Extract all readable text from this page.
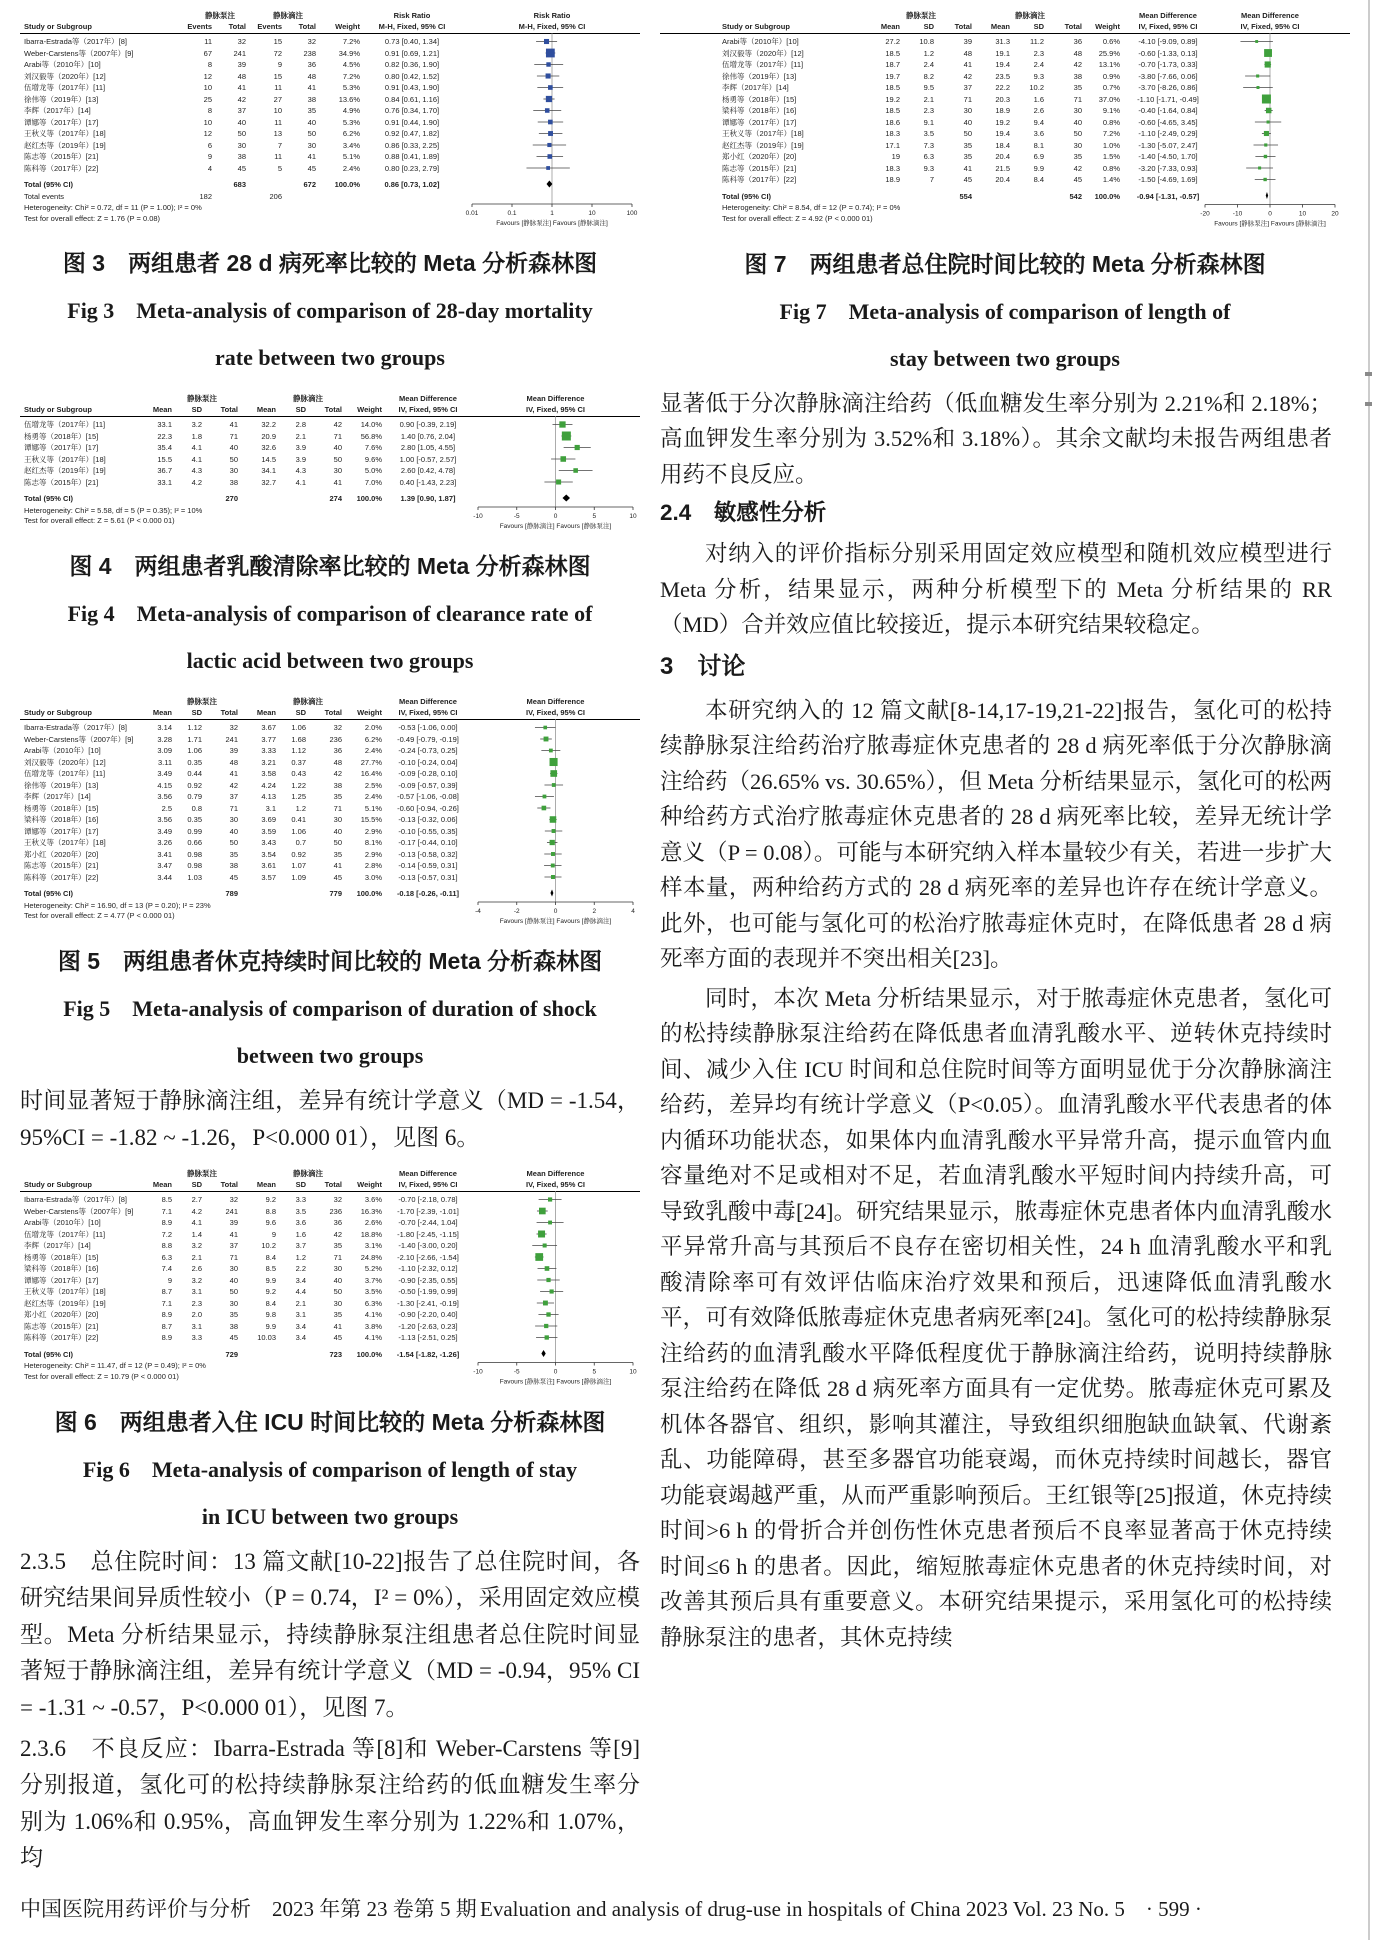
静脉泵注	静脉滴注	Risk Ratio
M-H, Fixed, 95% CI
Risk Ratio
M-H, Fixed, 95% CI
Study or Subgroup	Events	Total	Events	Total	Weight
Ibarra-Estrada等（2017年）[8]	11	32	15	32	7.2%	0.73 [0.40, 1.34]
Weber-Carstens等（2007年）[9]	67	241	72	238	34.9%	0.91 [0.69, 1.21]
Arabi等（2010年）[10]	8	39	9	36	4.5%	0.82 [0.36, 1.90]
刘汉毅等（2020年）[12]	12	48	15	48	7.2%	0.80 [0.42, 1.52]
伍增龙等（2017年）[11]	10	41	11	41	5.3%	0.91 [0.43, 1.90]
徐伟等（2019年）[13]	25	42	27	38	13.6%	0.84 [0.61, 1.16]
李辉（2017年）[14]	8	37	10	35	4.9%	0.76 [0.34, 1.70]
谭娜等（2017年）[17]	10	40	11	40	5.3%	0.91 [0.44, 1.90]
王秋义等（2017年）[18]	12	50	13	50	6.2%	0.92 [0.47, 1.82]
赵红杰等（2019年）[19]	6	30	7	30	3.4%	0.86 [0.33, 2.25]
陈志等（2015年）[21]	9	38	11	41	5.1%	0.88 [0.41, 1.89]
陈科等（2017年）[22]	4	45	5	45	2.4%	0.80 [0.23, 2.79]
Total (95% CI)	683	672	100.0%	0.86 [0.73, 1.02]
Total events	182	206
Heterogeneity: Chi² = 0.72, df = 11 (P = 1.00); I² = 0%
Test for overall effect: Z = 1.76 (P = 0.08)	0.01	0.1	1	10	100
Favours [静脉泵注] Favours [静脉滴注]
图 3　两组患者 28 d 病死率比较的 Meta 分析森林图
Fig 3　Meta-analysis of comparison of 28-day mortality
rate between two groups
静脉泵注	静脉滴注	Mean Difference
IV, Fixed, 95% CI
Mean Difference
IV, Fixed, 95% CI
Study or Subgroup	Mean	SD	Total	Mean	SD	Total	Weight
伍增龙等（2017年）[11]	33.1	3.2	41	32.2	2.8	42	14.0%	0.90 [-0.39, 2.19]
杨勇等（2018年）[15]	22.3	1.8	71	20.9	2.1	71	56.8%	1.40 [0.76, 2.04]
谭娜等（2017年）[17]	35.4	4.1	40	32.6	3.9	40	7.6%	2.80 [1.05, 4.55]
王秋义等（2017年）[18]	15.5	4.1	50	14.5	3.9	50	9.6%	1.00 [-0.57, 2.57]
赵红杰等（2019年）[19]	36.7	4.3	30	34.1	4.3	30	5.0%	2.60 [0.42, 4.78]
陈志等（2015年）[21]	33.1	4.2	38	32.7	4.1	41	7.0%	0.40 [-1.43, 2.23]
Total (95% CI)	270	274	100.0%	1.39 [0.90, 1.87]
Heterogeneity: Chi² = 5.58, df = 5 (P = 0.35); I² = 10%
Test for overall effect: Z = 5.61 (P < 0.000 01)	-10	-5	0	5	10
Favours [静脉滴注] Favours [静脉泵注]
图 4　两组患者乳酸清除率比较的 Meta 分析森林图
Fig 4　Meta-analysis of comparison of clearance rate of
lactic acid between two groups
静脉泵注	静脉滴注	Mean Difference
IV, Fixed, 95% CI
Mean Difference
IV, Fixed, 95% CI
Study or Subgroup	Mean	SD	Total	Mean	SD	Total	Weight
Ibarra-Estrada等（2017年）[8]	3.14	1.12	32	3.67	1.06	32	2.0%	-0.53 [-1.06, 0.00]
Weber-Carstens等（2007年）[9]	3.28	1.71	241	3.77	1.68	236	6.2%	-0.49 [-0.79, -0.19]
Arabi等（2010年）[10]	3.09	1.06	39	3.33	1.12	36	2.4%	-0.24 [-0.73, 0.25]
刘汉毅等（2020年）[12]	3.11	0.35	48	3.21	0.37	48	27.7%	-0.10 [-0.24, 0.04]
伍增龙等（2017年）[11]	3.49	0.44	41	3.58	0.43	42	16.4%	-0.09 [-0.28, 0.10]
徐伟等（2019年）[13]	4.15	0.92	42	4.24	1.22	38	2.5%	-0.09 [-0.57, 0.39]
李辉（2017年）[14]	3.56	0.79	37	4.13	1.25	35	2.4%	-0.57 [-1.06, -0.08]
杨勇等（2018年）[15]	2.5	0.8	71	3.1	1.2	71	5.1%	-0.60 [-0.94, -0.26]
梁科等（2018年）[16]	3.56	0.35	30	3.69	0.41	30	15.5%	-0.13 [-0.32, 0.06]
谭娜等（2017年）[17]	3.49	0.99	40	3.59	1.06	40	2.9%	-0.10 [-0.55, 0.35]
王秋义等（2017年）[18]	3.26	0.66	50	3.43	0.7	50	8.1%	-0.17 [-0.44, 0.10]
郑小红（2020年）[20]	3.41	0.98	35	3.54	0.92	35	2.9%	-0.13 [-0.58, 0.32]
陈志等（2015年）[21]	3.47	0.98	38	3.61	1.07	41	2.8%	-0.14 [-0.59, 0.31]
陈科等（2017年）[22]	3.44	1.03	45	3.57	1.09	45	3.0%	-0.13 [-0.57, 0.31]
Total (95% CI)	789	779	100.0%	-0.18 [-0.26, -0.11]
Heterogeneity: Chi² = 16.90, df = 13 (P = 0.20); I² = 23%
Test for overall effect: Z = 4.77 (P < 0.000 01)	-4	-2	0	2	4
Favours [静脉泵注] Favours [静脉滴注]
图 5　两组患者休克持续时间比较的 Meta 分析森林图
Fig 5　Meta-analysis of comparison of duration of shock
between two groups

时间显著短于静脉滴注组，差异有统计学意义（MD = -1.54，95%CI = -1.82 ~ -1.26，P<0.000 01），见图 6。

静脉泵注	静脉滴注	Mean Difference
IV, Fixed, 95% CI
Mean Difference
IV, Fixed, 95% CI
Study or Subgroup	Mean	SD	Total	Mean	SD	Total	Weight
Ibarra-Estrada等（2017年）[8]	8.5	2.7	32	9.2	3.3	32	3.6%	-0.70 [-2.18, 0.78]
Weber-Carstens等（2007年）[9]	7.1	4.2	241	8.8	3.5	236	16.3%	-1.70 [-2.39, -1.01]
Arabi等（2010年）[10]	8.9	4.1	39	9.6	3.6	36	2.6%	-0.70 [-2.44, 1.04]
伍增龙等（2017年）[11]	7.2	1.4	41	9	1.6	42	18.8%	-1.80 [-2.45, -1.15]
李辉（2017年）[14]	8.8	3.2	37	10.2	3.7	35	3.1%	-1.40 [-3.00, 0.20]
杨勇等（2018年）[15]	6.3	2.1	71	8.4	1.2	71	24.8%	-2.10 [-2.66, -1.54]
梁科等（2018年）[16]	7.4	2.6	30	8.5	2.2	30	5.2%	-1.10 [-2.32, 0.12]
谭娜等（2017年）[17]	9	3.2	40	9.9	3.4	40	3.7%	-0.90 [-2.35, 0.55]
王秋义等（2017年）[18]	8.7	3.1	50	9.2	4.4	50	3.5%	-0.50 [-1.99, 0.99]
赵红杰等（2019年）[19]	7.1	2.3	30	8.4	2.1	30	6.3%	-1.30 [-2.41, -0.19]
郑小红（2020年）[20]	8.9	2.0	35	9.8	3.1	35	4.1%	-0.90 [-2.20, 0.40]
陈志等（2015年）[21]	8.7	3.1	38	9.9	3.4	41	3.8%	-1.20 [-2.63, 0.23]
陈科等（2017年）[22]	8.9	3.3	45	10.03	3.4	45	4.1%	-1.13 [-2.51, 0.25]
Total (95% CI)	729	723	100.0%	-1.54 [-1.82, -1.26]
Heterogeneity: Chi² = 11.47, df = 12 (P = 0.49); I² = 0%
Test for overall effect: Z = 10.79 (P < 0.000 01)	-10	-5	0	5	10
Favours [静脉泵注] Favours [静脉滴注]
图 6　两组患者入住 ICU 时间比较的 Meta 分析森林图
Fig 6　Meta-analysis of comparison of length of stay
in ICU between two groups

2.3.5　总住院时间：13 篇文献[10-22]报告了总住院时间，各研究结果间异质性较小（P = 0.74，I² = 0%），采用固定效应模型。Meta 分析结果显示，持续静脉泵注组患者总住院时间显著短于静脉滴注组，差异有统计学意义（MD = -0.94，95% CI = -1.31 ~ -0.57，P<0.000 01），见图 7。

2.3.6　不良反应：Ibarra-Estrada 等[8]和 Weber-Carstens 等[9]分别报道，氢化可的松持续静脉泵注给药的低血糖发生率分别为 1.06%和 0.95%，高血钾发生率分别为 1.22%和 1.07%，均

静脉泵注	静脉滴注	Mean Difference
IV, Fixed, 95% CI
Mean Difference
IV, Fixed, 95% CI
Study or Subgroup	Mean	SD	Total	Mean	SD	Total	Weight
Arabi等（2010年）[10]	27.2	10.8	39	31.3	11.2	36	0.6%	-4.10 [-9.09, 0.89]
刘汉毅等（2020年）[12]	18.5	1.2	48	19.1	2.3	48	25.9%	-0.60 [-1.33, 0.13]
伍增龙等（2017年）[11]	18.7	2.4	41	19.4	2.4	42	13.1%	-0.70 [-1.73, 0.33]
徐伟等（2019年）[13]	19.7	8.2	42	23.5	9.3	38	0.9%	-3.80 [-7.66, 0.06]
李辉（2017年）[14]	18.5	9.5	37	22.2	10.2	35	0.7%	-3.70 [-8.26, 0.86]
杨勇等（2018年）[15]	19.2	2.1	71	20.3	1.6	71	37.0%	-1.10 [-1.71, -0.49]
梁科等（2018年）[16]	18.5	2.3	30	18.9	2.6	30	9.1%	-0.40 [-1.64, 0.84]
谭娜等（2017年）[17]	18.6	9.1	40	19.2	9.4	40	0.8%	-0.60 [-4.65, 3.45]
王秋义等（2017年）[18]	18.3	3.5	50	19.4	3.6	50	7.2%	-1.10 [-2.49, 0.29]
赵红杰等（2019年）[19]	17.1	7.3	35	18.4	8.1	30	1.0%	-1.30 [-5.07, 2.47]
郑小红（2020年）[20]	19	6.3	35	20.4	6.9	35	1.5%	-1.40 [-4.50, 1.70]
陈志等（2015年）[21]	18.3	9.3	41	21.5	9.9	42	0.8%	-3.20 [-7.33, 0.93]
陈科等（2017年）[22]	18.9	7	45	20.4	8.4	45	1.4%	-1.50 [-4.69, 1.69]
Total (95% CI)	554	542	100.0%	-0.94 [-1.31, -0.57]
Heterogeneity: Chi² = 8.54, df = 12 (P = 0.74); I² = 0%
Test for overall effect: Z = 4.92 (P < 0.000 01)	-20	-10	0	10	20
Favours [静脉泵注] Favours [静脉滴注]
图 7　两组患者总住院时间比较的 Meta 分析森林图
Fig 7　Meta-analysis of comparison of length of
stay between two groups

显著低于分次静脉滴注给药（低血糖发生率分别为 2.21%和 2.18%；高血钾发生率分别为 3.52%和 3.18%）。其余文献均未报告两组患者用药不良反应。

2.4　敏感性分析

对纳入的评价指标分别采用固定效应模型和随机效应模型进行 Meta 分析，结果显示，两种分析模型下的 Meta 分析结果的 RR（MD）合并效应值比较接近，提示本研究结果较稳定。

3　讨论

本研究纳入的 12 篇文献[8-14,17-19,21-22]报告，氢化可的松持续静脉泵注给药治疗脓毒症休克患者的 28 d 病死率低于分次静脉滴注给药（26.65% vs. 30.65%），但 Meta 分析结果显示，氢化可的松两种给药方式治疗脓毒症休克患者的 28 d 病死率比较，差异无统计学意义（P = 0.08）。可能与本研究纳入样本量较少有关，若进一步扩大样本量，两种给药方式的 28 d 病死率的差异也许存在统计学意义。此外，也可能与氢化可的松治疗脓毒症休克时，在降低患者 28 d 病死率方面的表现并不突出相关[23]。

同时，本次 Meta 分析结果显示，对于脓毒症休克患者，氢化可的松持续静脉泵注给药在降低患者血清乳酸水平、逆转休克持续时间、减少入住 ICU 时间和总住院时间等方面明显优于分次静脉滴注给药，差异均有统计学意义（P<0.05）。血清乳酸水平代表患者的体内循环功能状态，如果体内血清乳酸水平异常升高，提示血管内血容量绝对不足或相对不足，若血清乳酸水平短时间内持续升高，可导致乳酸中毒[24]。研究结果显示，脓毒症休克患者体内血清乳酸水平异常升高与其预后不良存在密切相关性，24 h 血清乳酸水平和乳酸清除率可有效评估临床治疗效果和预后，迅速降低血清乳酸水平，可有效降低脓毒症休克患者病死率[24]。氢化可的松持续静脉泵注给药的血清乳酸水平降低程度优于静脉滴注给药，说明持续静脉泵注给药在降低 28 d 病死率方面具有一定优势。脓毒症休克可累及机体各器官、组织，影响其灌注，导致组织细胞缺血缺氧、代谢紊乱、功能障碍，甚至多器官功能衰竭，而休克持续时间越长，器官功能衰竭越严重，从而严重影响预后。王红银等[25]报道，休克持续时间>6 h 的骨折合并创伤性休克患者预后不良率显著高于休克持续时间≤6 h 的患者。因此，缩短脓毒症休克患者的休克持续时间，对改善其预后具有重要意义。本研究结果提示，采用氢化可的松持续静脉泵注的患者，其休克持续

中国医院用药评价与分析　2023 年第 23 卷第 5 期 Evaluation and analysis of drug-use in hospitals of China 2023 Vol. 23 No. 5　· 599 ·
